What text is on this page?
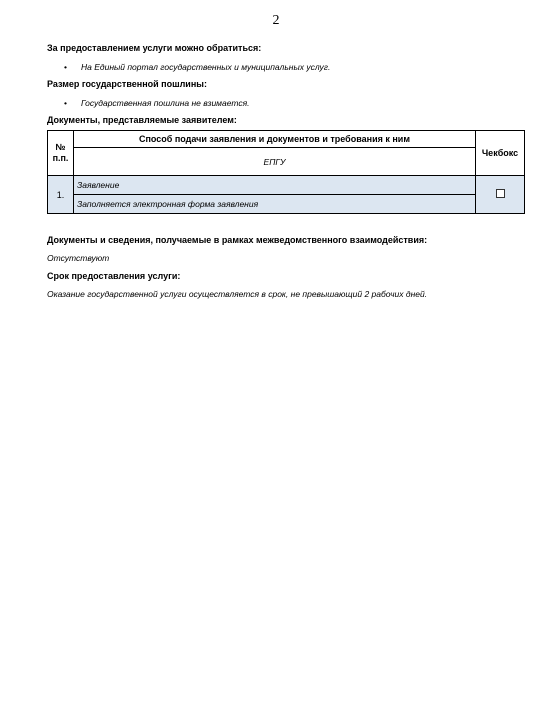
2
За предоставлением услуги можно обратиться:
• На Единый портал государственных и муниципальных услуг.
Размер государственной пошлины:
• Государственная пошлина не взимается.
Документы, представляемые заявителем:
№ п.п.	Способ подачи заявления и документов и требования к ним	Чекбокс
	ЕПГУ	
1.	Заявление	
	Заполняется электронная форма заявления	
Документы и сведения, получаемые в рамках межведомственного взаимодействия:
Отсутствуют
Срок предоставления услуги:
Оказание государственной услуги осуществляется в срок, не превышающий 2 рабочих дней.
